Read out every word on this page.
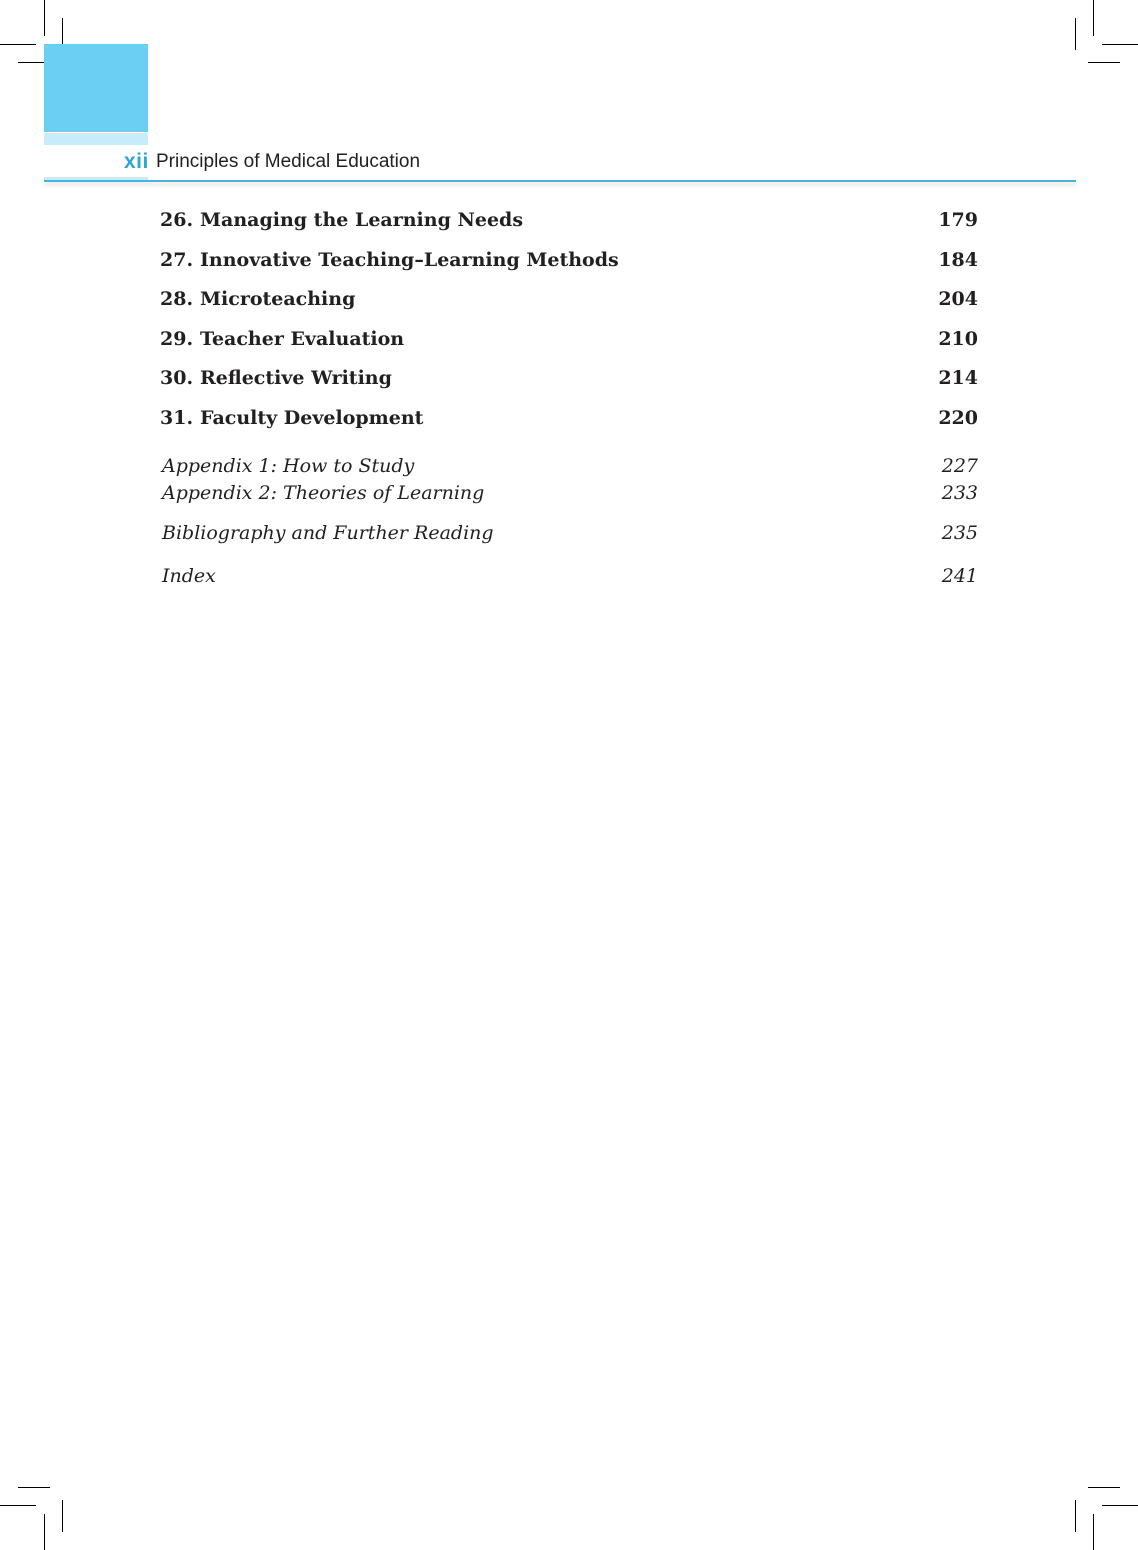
xii Principles of Medical Education
26. Managing the Learning Needs	179
27. Innovative Teaching–Learning Methods	184
28. Microteaching	204
29. Teacher Evaluation	210
30. Reflective Writing	214
31. Faculty Development	220
Appendix 1: How to Study	227
Appendix 2: Theories of Learning	233
Bibliography and Further Reading	235
Index	241
